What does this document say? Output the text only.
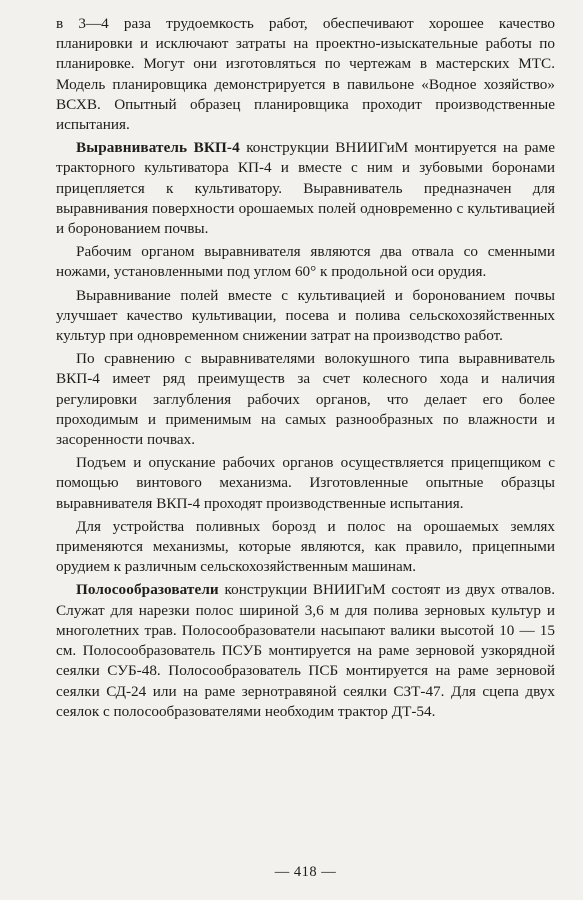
в 3—4 раза трудоемкость работ, обеспечивают хорошее качество планировки и исключают затраты на проектно-изыскательные работы по планировке. Могут они изготовляться по чертежам в мастерских МТС. Модель планировщика демонстрируется в павильоне «Водное хозяйство» ВСХВ. Опытный образец планировщика проходит производственные испытания.

Выравниватель ВКП-4 конструкции ВНИИГиМ монтируется на раме тракторного культиватора КП-4 и вместе с ним и зубовыми боронами прицепляется к культиватору. Выравниватель предназначен для выравнивания поверхности орошаемых полей одновременно с культивацией и боронованием почвы.

Рабочим органом выравнивателя являются два отвала со сменными ножами, установленными под углом 60° к продольной оси орудия.

Выравнивание полей вместе с культивацией и боронованием почвы улучшает качество культивации, посева и полива сельскохозяйственных культур при одновременном снижении затрат на производство работ.

По сравнению с выравнивателями волокушного типа выравниватель ВКП-4 имеет ряд преимуществ за счет колесного хода и наличия регулировки заглубления рабочих органов, что делает его более проходимым и применимым на самых разнообразных по влажности и засоренности почвах.

Подъем и опускание рабочих органов осуществляется прицепщиком с помощью винтового механизма. Изготовленные опытные образцы выравнивателя ВКП-4 проходят производственные испытания.

Для устройства поливных борозд и полос на орошаемых землях применяются механизмы, которые являются, как правило, прицепными орудием к различным сельскохозяйственным машинам.

Полосообразователи конструкции ВНИИГиМ состоят из двух отвалов. Служат для нарезки полос шириной 3,6 м для полива зерновых культур и многолетних трав. Полосообразователи насыпают валики высотой 10 — 15 см. Полосообразователь ПСУБ монтируется на раме зерновой узкорядной сеялки СУБ-48. Полосообразователь ПСБ монтируется на раме зерновой сеялки СД-24 или на раме зернотравяной сеялки СЗТ-47. Для сцепа двух сеялок с полосообразователями необходим трактор ДТ-54.

— 418 —
